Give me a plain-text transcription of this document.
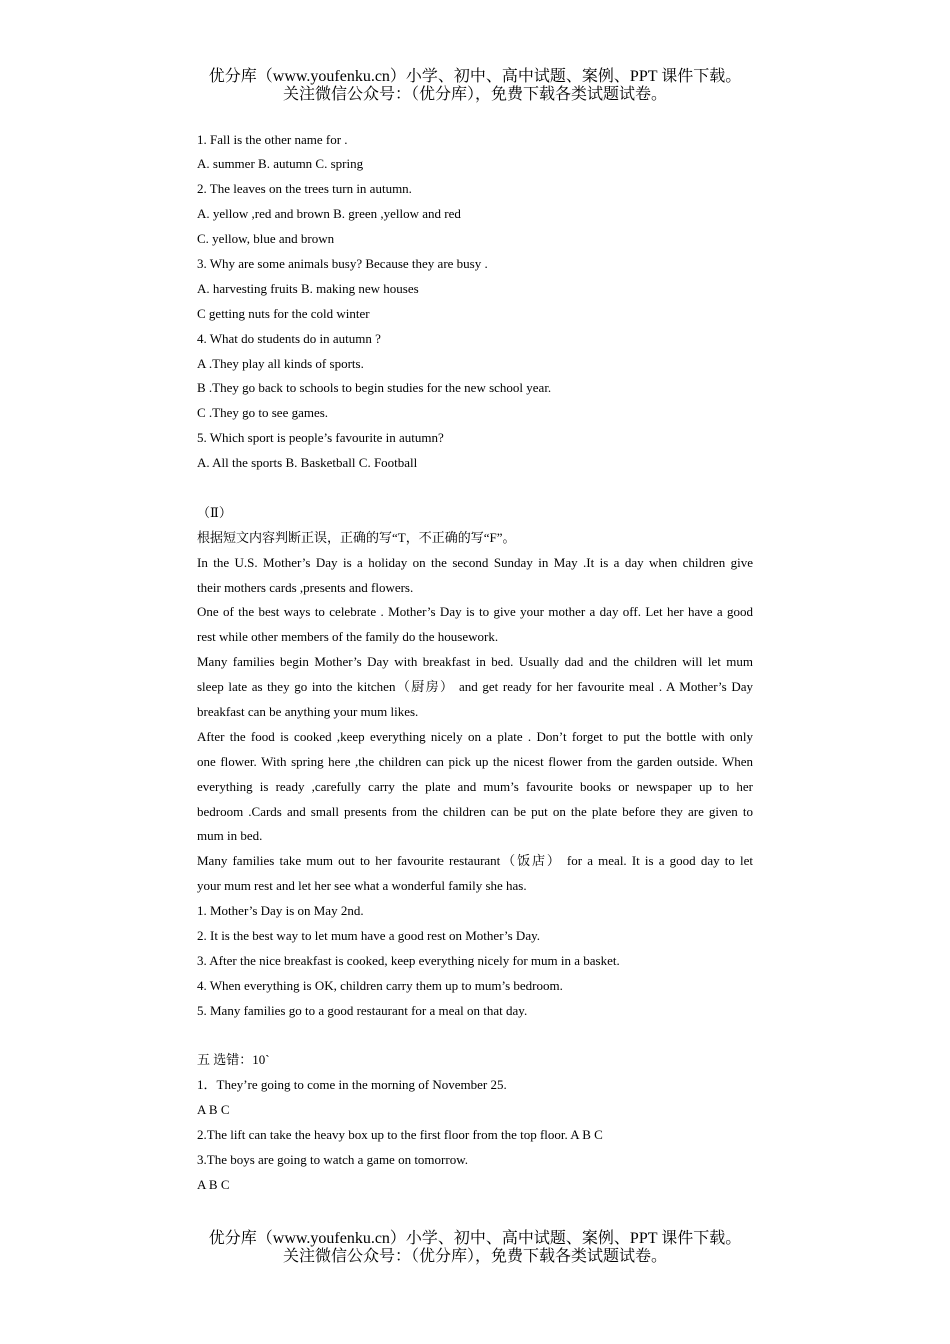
优分库（www.youfenku.cn）小学、初中、高中试题、案例、PPT 课件下载。
关注微信公众号：（优分库），免费下载各类试题试卷。
1. Fall is the other name for .
A. summer B. autumn C. spring
2. The leaves on the trees turn in autumn.
A. yellow ,red and brown B. green ,yellow and red
C. yellow, blue and brown
3. Why are some animals busy? Because they are busy .
A. harvesting fruits B. making new houses
C getting nuts for the cold winter
4. What do students do in autumn ?
A .They play all kinds of sports.
B .They go back to schools to begin studies for the new school year.
C .They go to see games.
5. Which sport is people’s favourite in autumn?
A. All the sports B. Basketball C. Football
（Ⅱ）
根据短文内容判断正误，正确的写“T，不正确的写“F”。
In the U.S. Mother’s Day is a holiday on the second Sunday in May .It is a day when children give
their mothers cards ,presents and flowers.
One of the best ways to celebrate . Mother’s Day is to give your mother a day off. Let her have a good
rest while other members of the family do the housework.
Many families begin Mother’s Day with breakfast in bed. Usually dad and the children will let mum
sleep late as they go into the kitchen（厨房） and get ready for her favourite meal . A Mother’s Day
breakfast can be anything your mum likes.
After the food is cooked ,keep everything nicely on a plate . Don’t forget to put the bottle with only
one flower. With spring here ,the children can pick up the nicest flower from the garden outside. When
everything is ready ,carefully carry the plate and mum’s favourite books or newspaper up to her
bedroom .Cards and small presents from the children can be put on the plate before they are given to
mum in bed.
Many families take mum out to her favourite restaurant（饭店） for a meal. It is a good day to let
your mum rest and let her see what a wonderful family she has.
1. Mother’s Day is on May 2nd.
2. It is the best way to let mum have a good rest on Mother’s Day.
3. After the nice breakfast is cooked, keep everything nicely for mum in a basket.
4. When everything is OK, children carry them up to mum’s bedroom.
5. Many families go to a good restaurant for a meal on that day.
五 选错：10`
1．They’re going to come in the morning of November 25.
A B C
2.The lift can take the heavy box up to the first floor from the top floor. A B C
3.The boys are going to watch a game on tomorrow.
A B C
优分库（www.youfenku.cn）小学、初中、高中试题、案例、PPT 课件下载。
关注微信公众号：（优分库），免费下载各类试题试卷。
